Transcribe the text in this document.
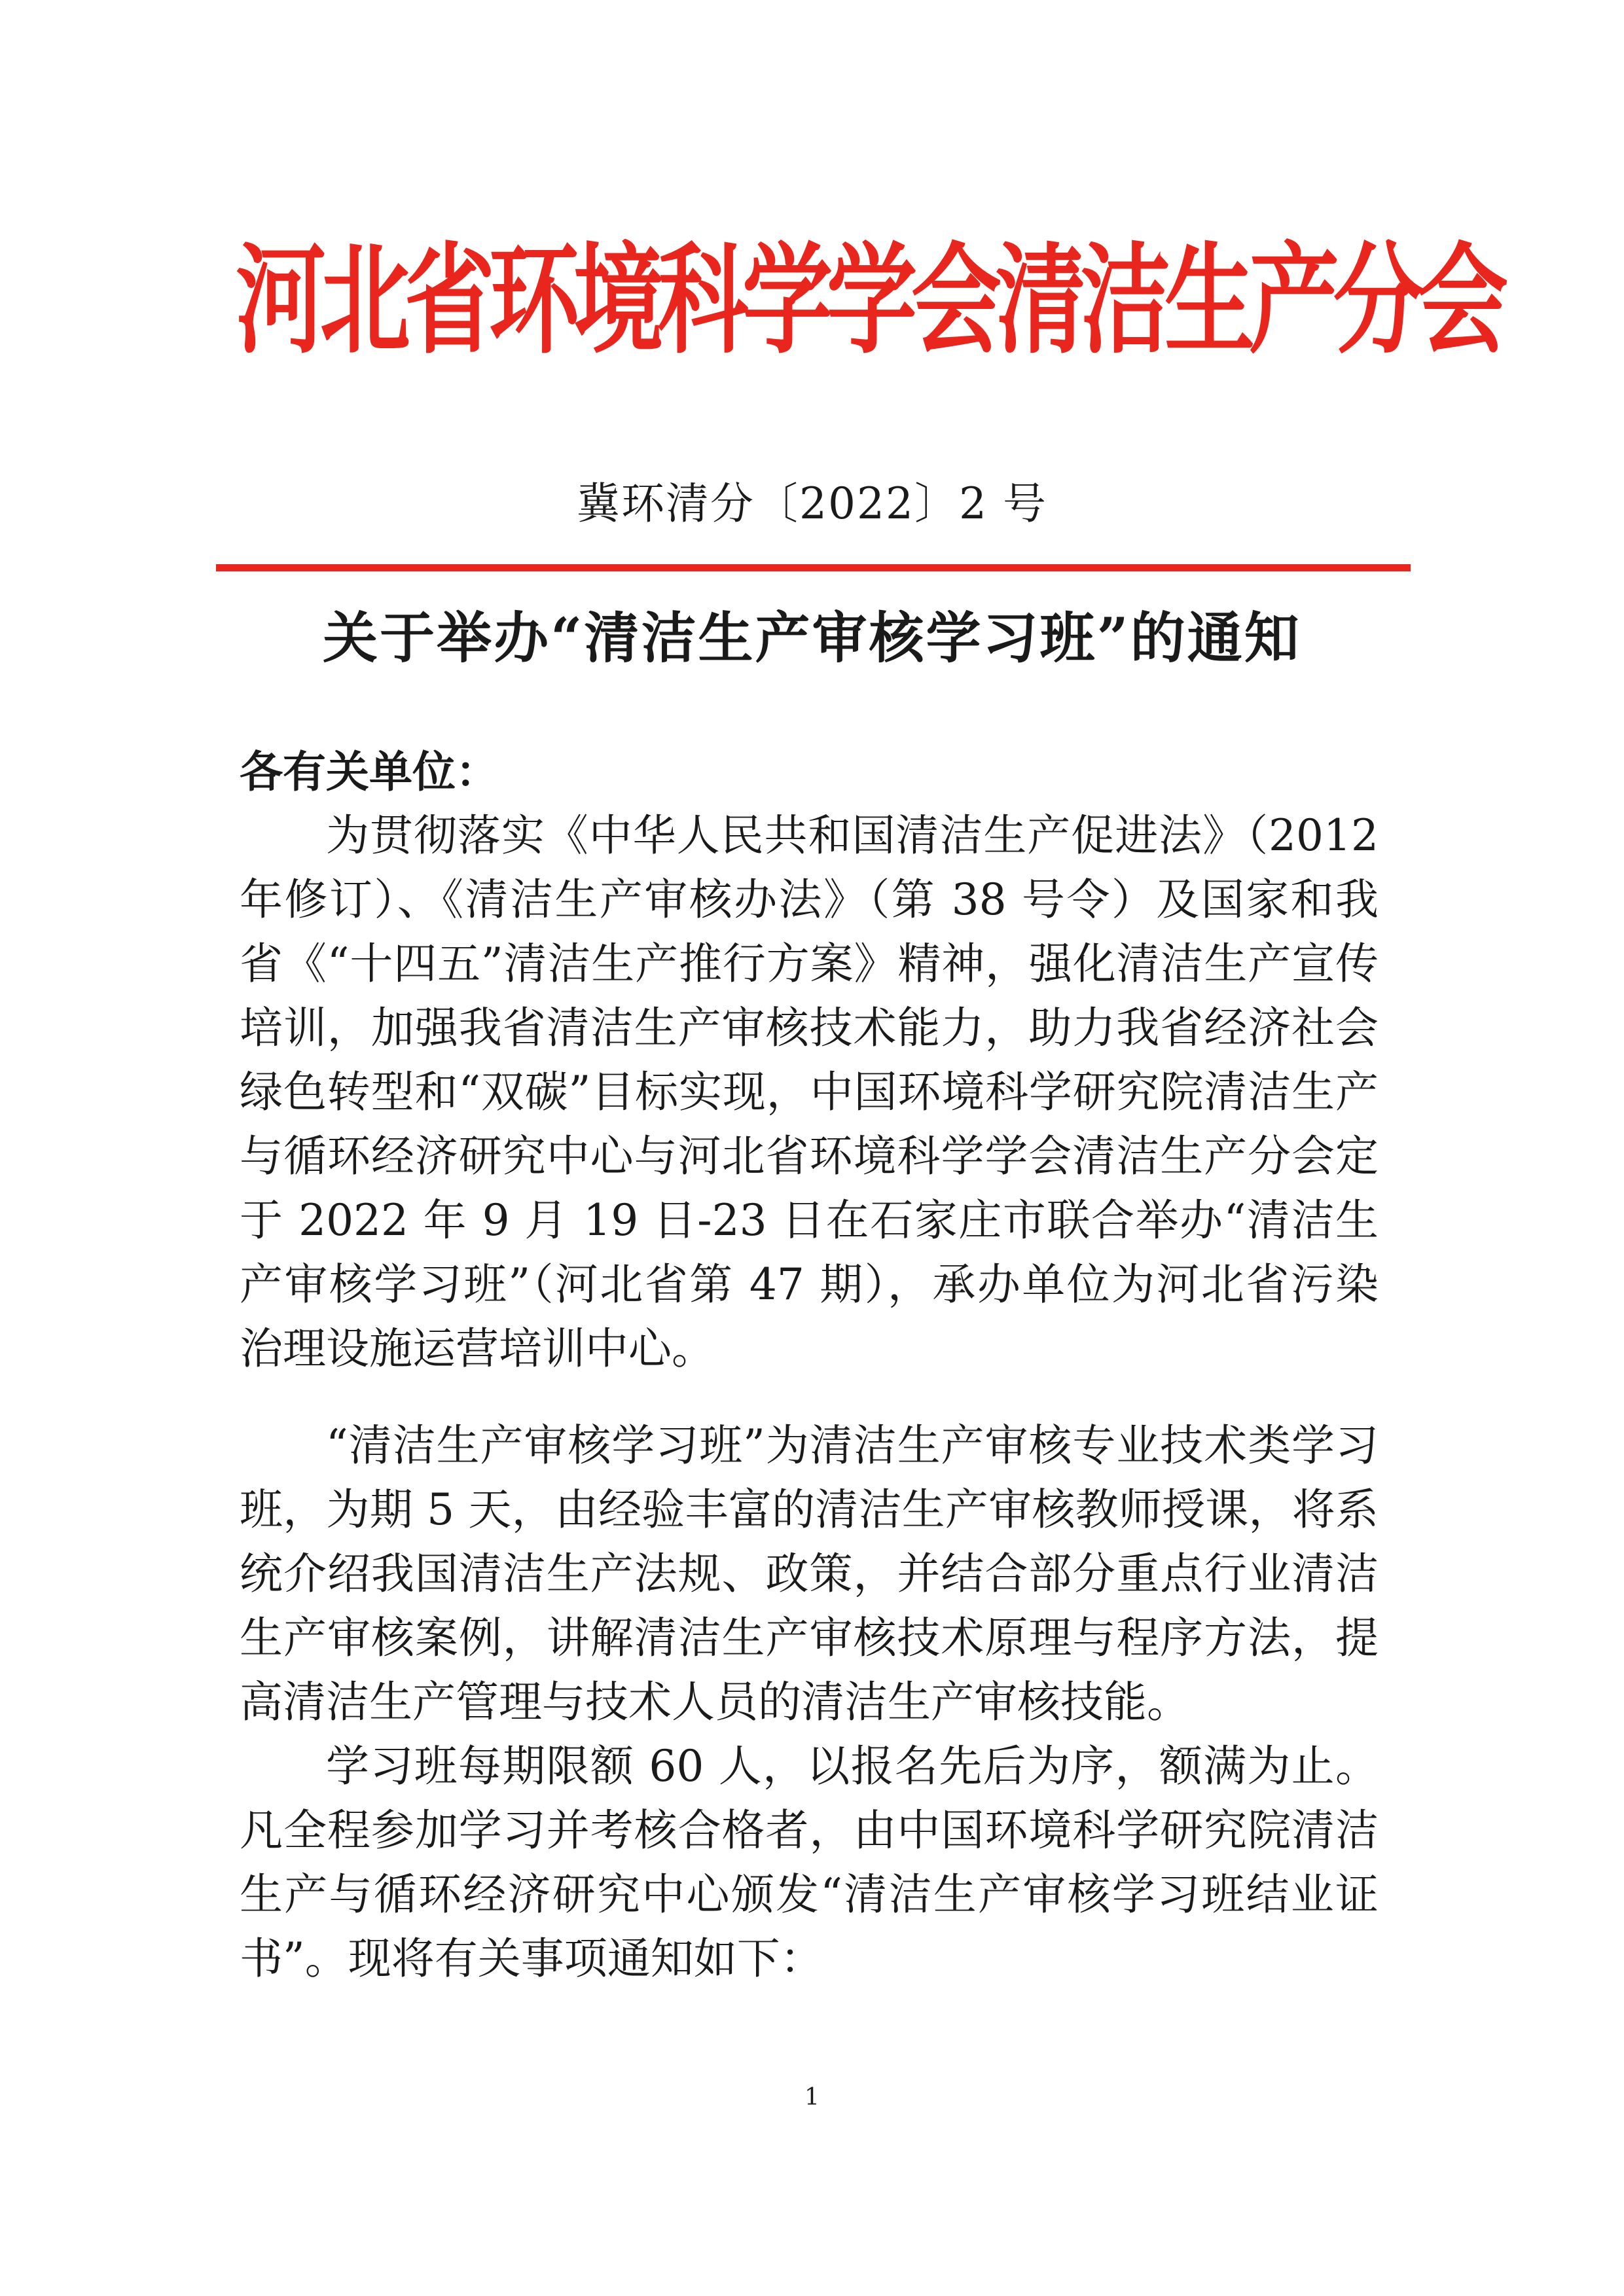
河北省环境科学学会清洁生产分会
冀环清分〔2022〕2 号
关于举办“清洁生产审核学习班”的通知

各有关单位：

为贯彻落实《中华人民共和国清洁生产促进法》（2012年修订）、《清洁生产审核办法》（第 38 号令）及国家和我省《“十四五”清洁生产推行方案》精神，强化清洁生产宣传培训，加强我省清洁生产审核技术能力，助力我省经济社会绿色转型和“双碳”目标实现，中国环境科学研究院清洁生产与循环经济研究中心与河北省环境科学学会清洁生产分会定于 2022 年 9 月 19 日-23 日在石家庄市联合举办“清洁生产审核学习班”（河北省第 47 期），承办单位为河北省污染治理设施运营培训中心。

“清洁生产审核学习班”为清洁生产审核专业技术类学习班，为期 5 天，由经验丰富的清洁生产审核教师授课，将系统介绍我国清洁生产法规、政策，并结合部分重点行业清洁生产审核案例，讲解清洁生产审核技术原理与程序方法，提高清洁生产管理与技术人员的清洁生产审核技能。

学习班每期限额 60 人，以报名先后为序，额满为止。凡全程参加学习并考核合格者，由中国环境科学研究院清洁生产与循环经济研究中心颁发“清洁生产审核学习班结业证书”。现将有关事项通知如下：

1
